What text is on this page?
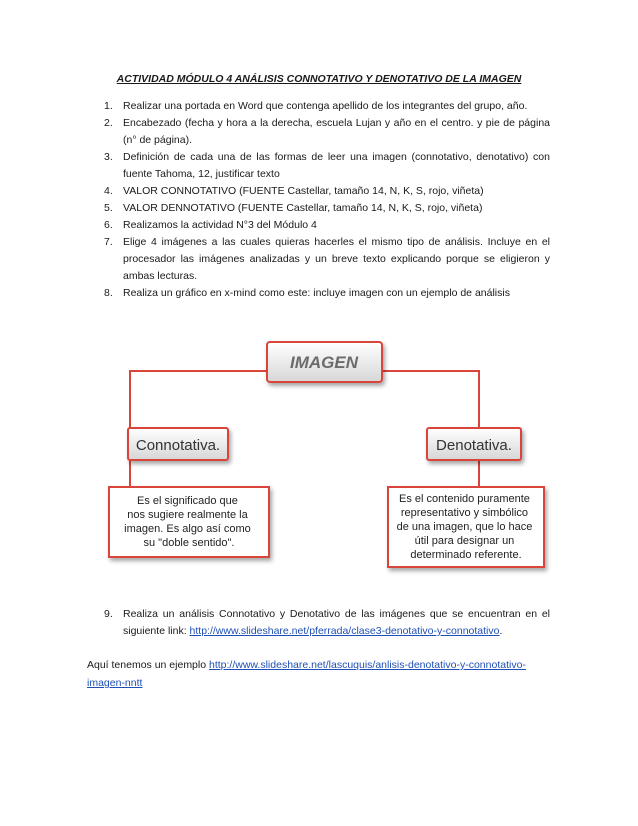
ACTIVIDAD MÓDULO 4 ANÁLISIS CONNOTATIVO Y DENOTATIVO DE LA IMAGEN
1. Realizar una portada en Word que contenga apellido de los integrantes del grupo, año.
2. Encabezado (fecha y hora a la derecha, escuela Lujan y año en el centro. y pie de página (n° de página).
3. Definición de cada una de las formas de leer una imagen (connotativo, denotativo) con fuente Tahoma, 12, justificar texto
4. VALOR CONNOTATIVO (FUENTE Castellar, tamaño 14, N, K, S, rojo, viñeta)
5. VALOR DENNOTATIVO (FUENTE Castellar, tamaño 14, N, K, S, rojo, viñeta)
6. Realizamos la actividad N°3 del Módulo 4
7. Elige 4 imágenes a las cuales quieras hacerles el mismo tipo de análisis. Incluye en el procesador las imágenes analizadas y un breve texto explicando porque se eligieron y ambas lecturas.
8. Realiza un gráfico en x-mind como este: incluye imagen con un ejemplo de análisis
IMAGEN
Connotativa.	Denotativa.
Es el significado que nos sugiere realmente la imagen. Es algo así como su "doble sentido".
Es el contenido puramente representativo y simbólico de una imagen, que lo hace útil para designar un determinado referente.
9. Realiza un análisis Connotativo y Denotativo de las imágenes que se encuentran en el siguiente link: http://www.slideshare.net/pferrada/clase3-denotativo-y-connotativo.
Aquí tenemos un ejemplo http://www.slideshare.net/lascuquis/anlisis-denotativo-y-connotativo-imagen-nntt
